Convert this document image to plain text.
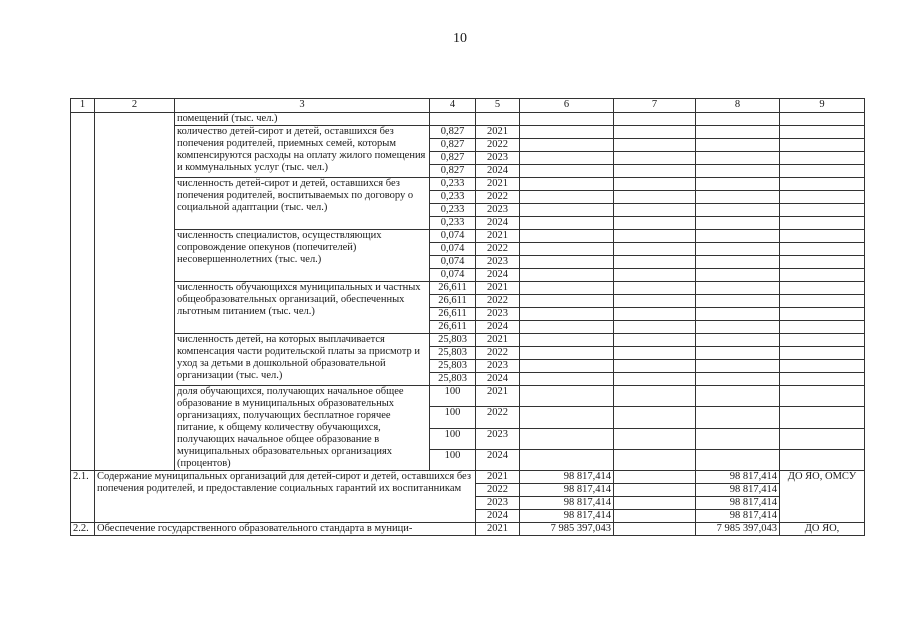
10
1	2	3	4	5	6	7	8	9
		помещений (тыс. чел.)						
		количество детей-сирот и детей, оставшихся без попечения родителей, приемных семей, которым компенсируются расходы на оплату жилого помещения и коммунальных услуг (тыс. чел.)	0,827	2021				
			0,827	2022				
			0,827	2023				
			0,827	2024				
		численность детей-сирот и детей, оставшихся без попечения родителей, воспитываемых по договору о социальной адаптации (тыс. чел.)	0,233	2021				
			0,233	2022				
			0,233	2023				
			0,233	2024				
		численность специалистов, осуществляющих сопровождение опекунов (попечителей) несовершеннолетних (тыс. чел.)	0,074	2021				
			0,074	2022				
			0,074	2023				
			0,074	2024				
		численность обучающихся муниципальных и частных общеобразовательных организаций, обеспеченных льготным питанием (тыс. чел.)	26,611	2021				
			26,611	2022				
			26,611	2023				
			26,611	2024				
		численность детей, на которых выплачивается компенсация части родительской платы за присмотр и уход за детьми в дошкольной образовательной организации (тыс. чел.)	25,803	2021				
			25,803	2022				
			25,803	2023				
			25,803	2024				
		доля обучающихся, получающих начальное общее образование в муниципальных образовательных организациях, получающих бесплатное горячее питание, к общему количеству обучающихся, получающих начальное общее образование в муниципальных образовательных организациях (процентов)	100	2021				
			100	2022				
			100	2023				
			100	2024				
2.1.	Содержание муниципальных организаций для детей-сирот и детей, оставшихся без попечения родителей, и предоставление социальных гарантий их воспитанникам			2021	98 817,414		98 817,414	ДО ЯО, ОМСУ
				2022	98 817,414		98 817,414	
				2023	98 817,414		98 817,414	
				2024	98 817,414		98 817,414	
2.2.	Обеспечение государственного образовательного стандарта в муници-			2021	7 985 397,043		7 985 397,043	ДО ЯО,
